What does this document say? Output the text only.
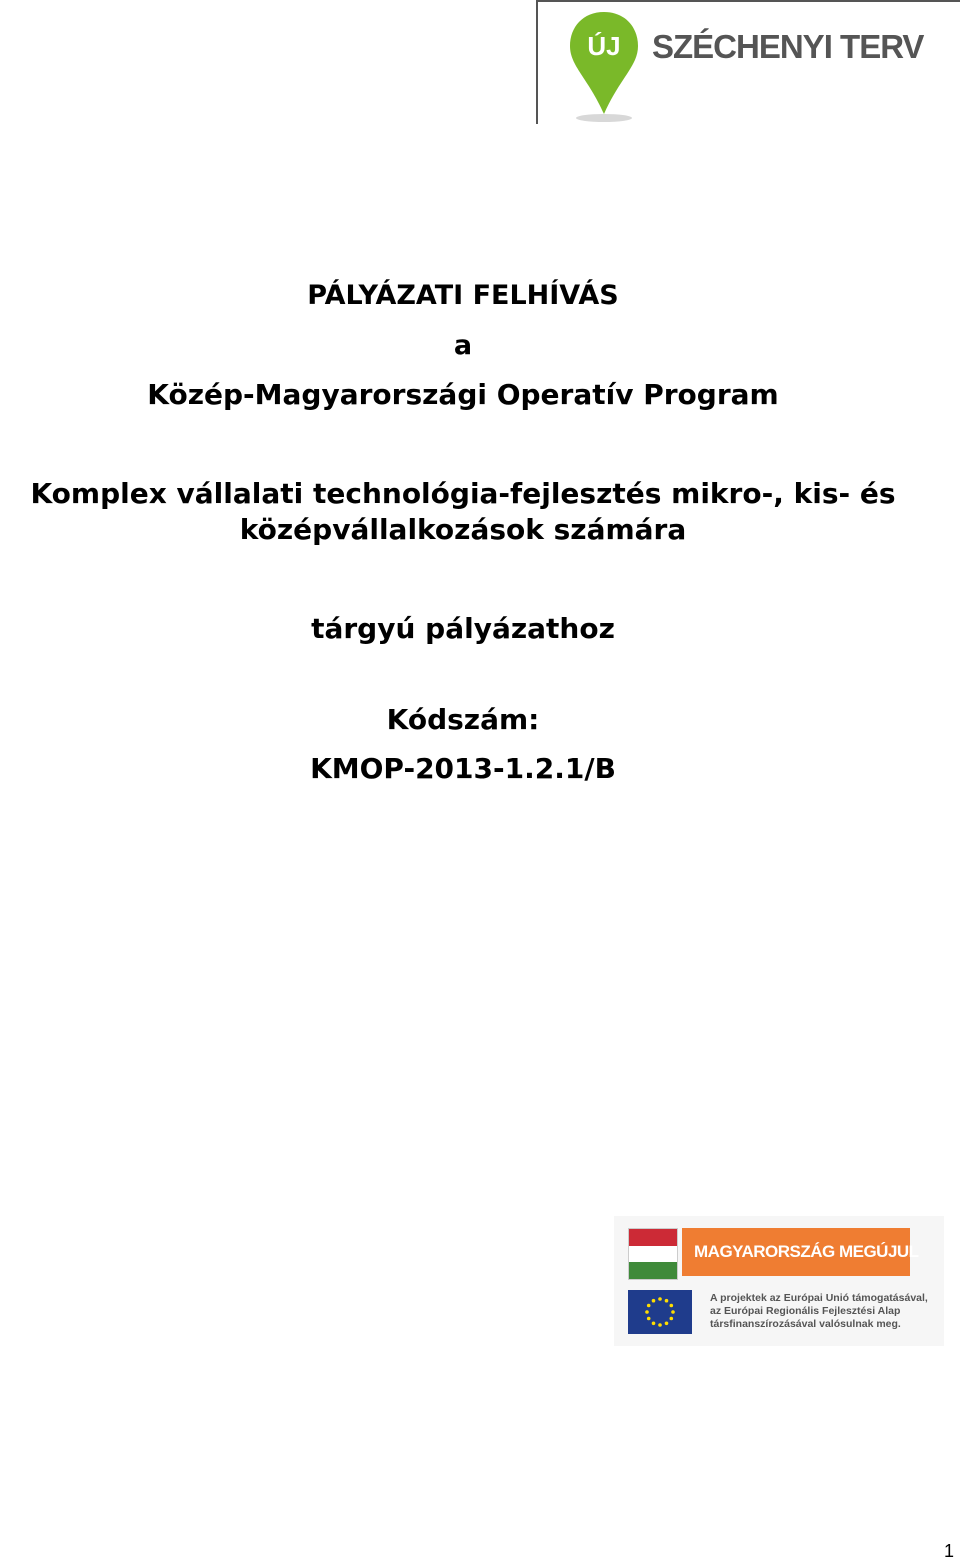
ÚJ SZÉCHENYI TERV
PÁLYÁZATI FELHÍVÁS
a
Közép-Magyarországi Operatív Program
Komplex vállalati technológia-fejlesztés mikro-, kis- és
középvállalkozások számára
tárgyú pályázathoz
Kódszám:
KMOP-2013-1.2.1/B
MAGYARORSZÁG MEGÚJUL
A projektek az Európai Unió támogatásával,
az Európai Regionális Fejlesztési Alap
társfinanszírozásával valósulnak meg.
1
